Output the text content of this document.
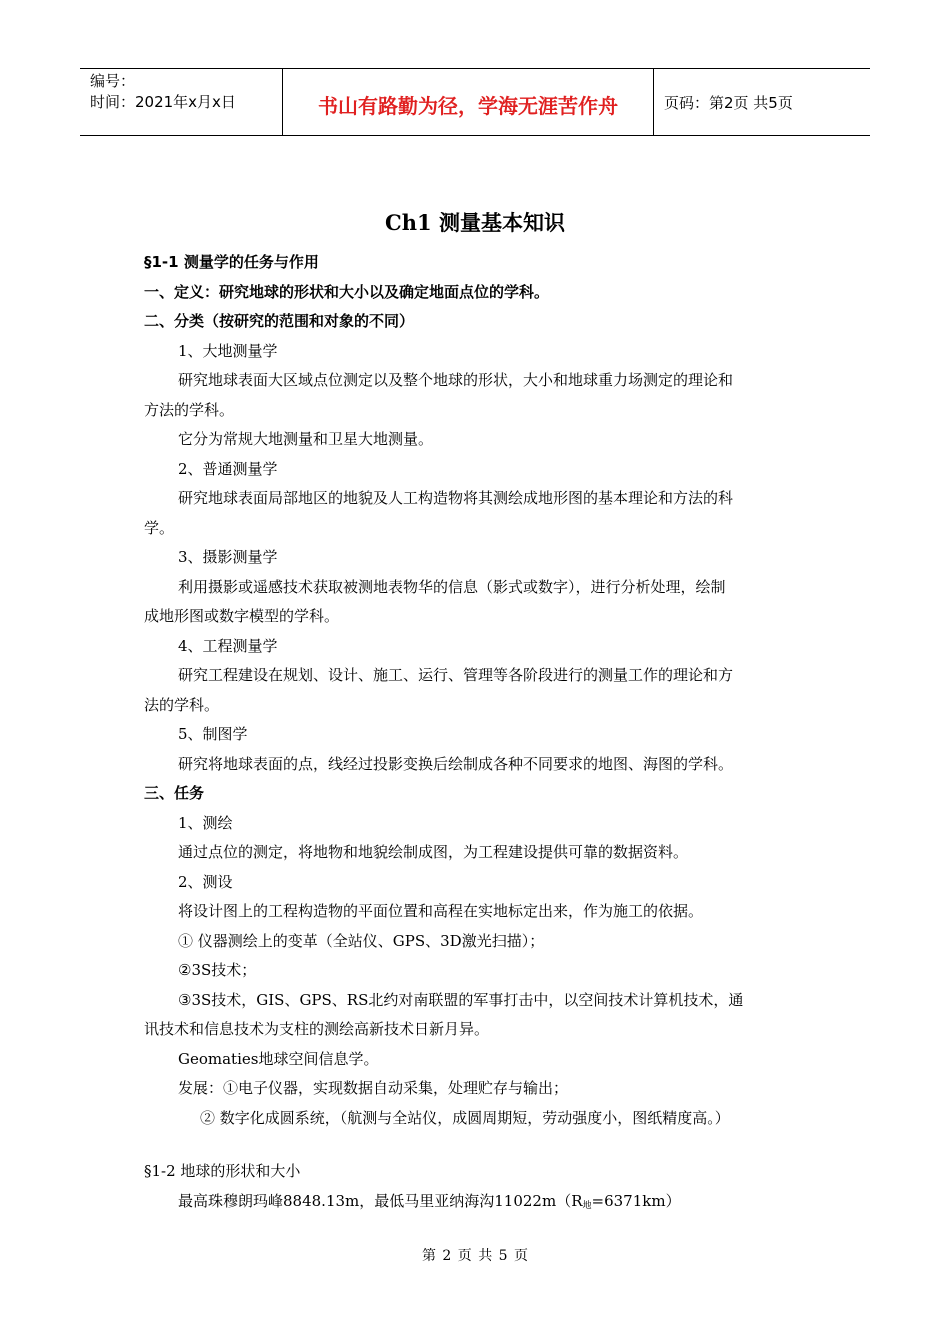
编号：
时间：2021年x月x日	书山有路勤为径，学海无涯苦作舟	页码：第2页 共5页
Ch1 测量基本知识
§1-1 测量学的任务与作用
一、定义：研究地球的形状和大小以及确定地面点位的学科。
二、分类（按研究的范围和对象的不同）
1、大地测量学
研究地球表面大区域点位测定以及整个地球的形状，大小和地球重力场测定的理论和
方法的学科。
它分为常规大地测量和卫星大地测量。
2、普通测量学
研究地球表面局部地区的地貌及人工构造物将其测绘成地形图的基本理论和方法的科
学。
3、摄影测量学
利用摄影或遥感技术获取被测地表物华的信息（影式或数字），进行分析处理，绘制
成地形图或数字模型的学科。
4、工程测量学
研究工程建设在规划、设计、施工、运行、管理等各阶段进行的测量工作的理论和方
法的学科。
5、制图学
研究将地球表面的点，线经过投影变换后绘制成各种不同要求的地图、海图的学科。
三、任务
1、测绘
通过点位的测定，将地物和地貌绘制成图，为工程建设提供可靠的数据资料。
2、测设
将设计图上的工程构造物的平面位置和高程在实地标定出来，作为施工的依据。
① 仪器测绘上的变革（全站仪、GPS、3D激光扫描）；
②3S技术；
③3S技术，GIS、GPS、RS北约对南联盟的军事打击中，以空间技术计算机技术，通
讯技术和信息技术为支柱的测绘高新技术日新月异。
Geomaties地球空间信息学。
发展：①电子仪器，实现数据自动采集，处理贮存与输出；
② 数字化成圆系统，（航测与全站仪，成圆周期短，劳动强度小，图纸精度高。）
§1-2 地球的形状和大小
最高珠穆朗玛峰8848.13m，最低马里亚纳海沟$11022m(R_地=6371km)$
第 2 页 共 5 页
